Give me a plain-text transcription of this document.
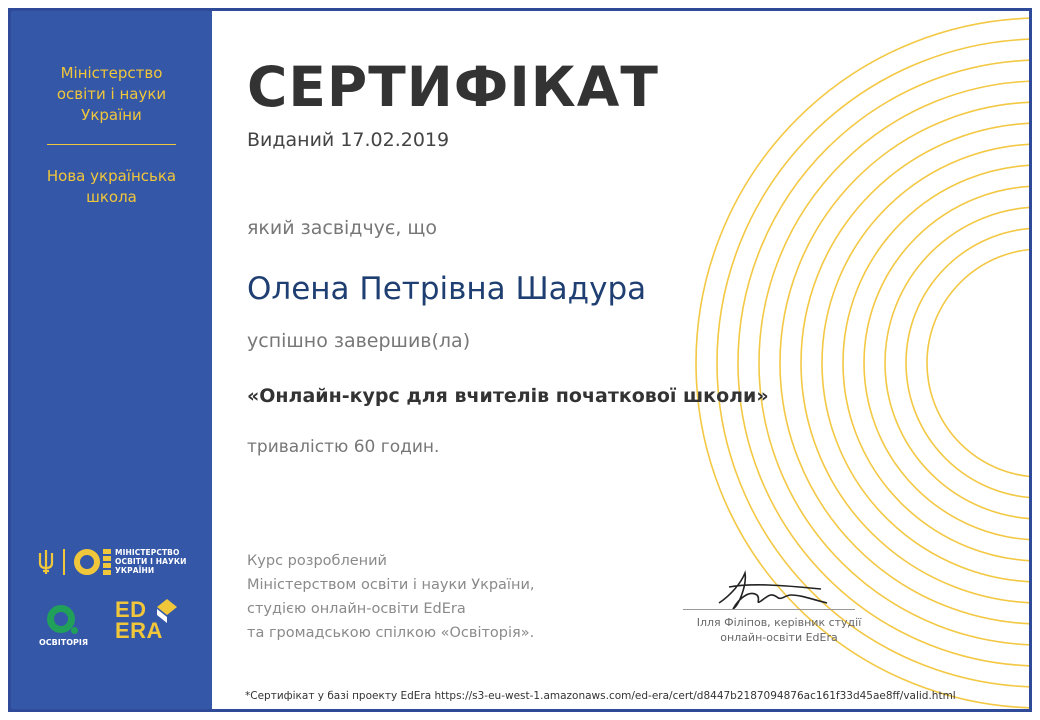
Міністерство
освіти і науки
України
Нова українська
школа
МІНІСТЕРСТВО
ОСВІТИ І НАУКИ
УКРАЇНИ
ОСВІТОРІЯ
ED
ERA
СЕРТИФІКАТ
Виданий 17.02.2019
який засвідчує, що
Олена Петрівна Шадура
успішно завершив(ла)
«Онлайн-курс для вчителів початкової школи»
тривалістю 60 годин.
Курс розроблений
Міністерством освіти і науки України,
студією онлайн-освіти EdEra
та громадською спілкою «Освіторія».
Ілля Філіпов, керівник студії
онлайн-освіти EdEra
*Сертифікат у базі проекту EdEra https://s3-eu-west-1.amazonaws.com/ed-era/cert/d8447b2187094876ac161f33d45ae8ff/valid.html
